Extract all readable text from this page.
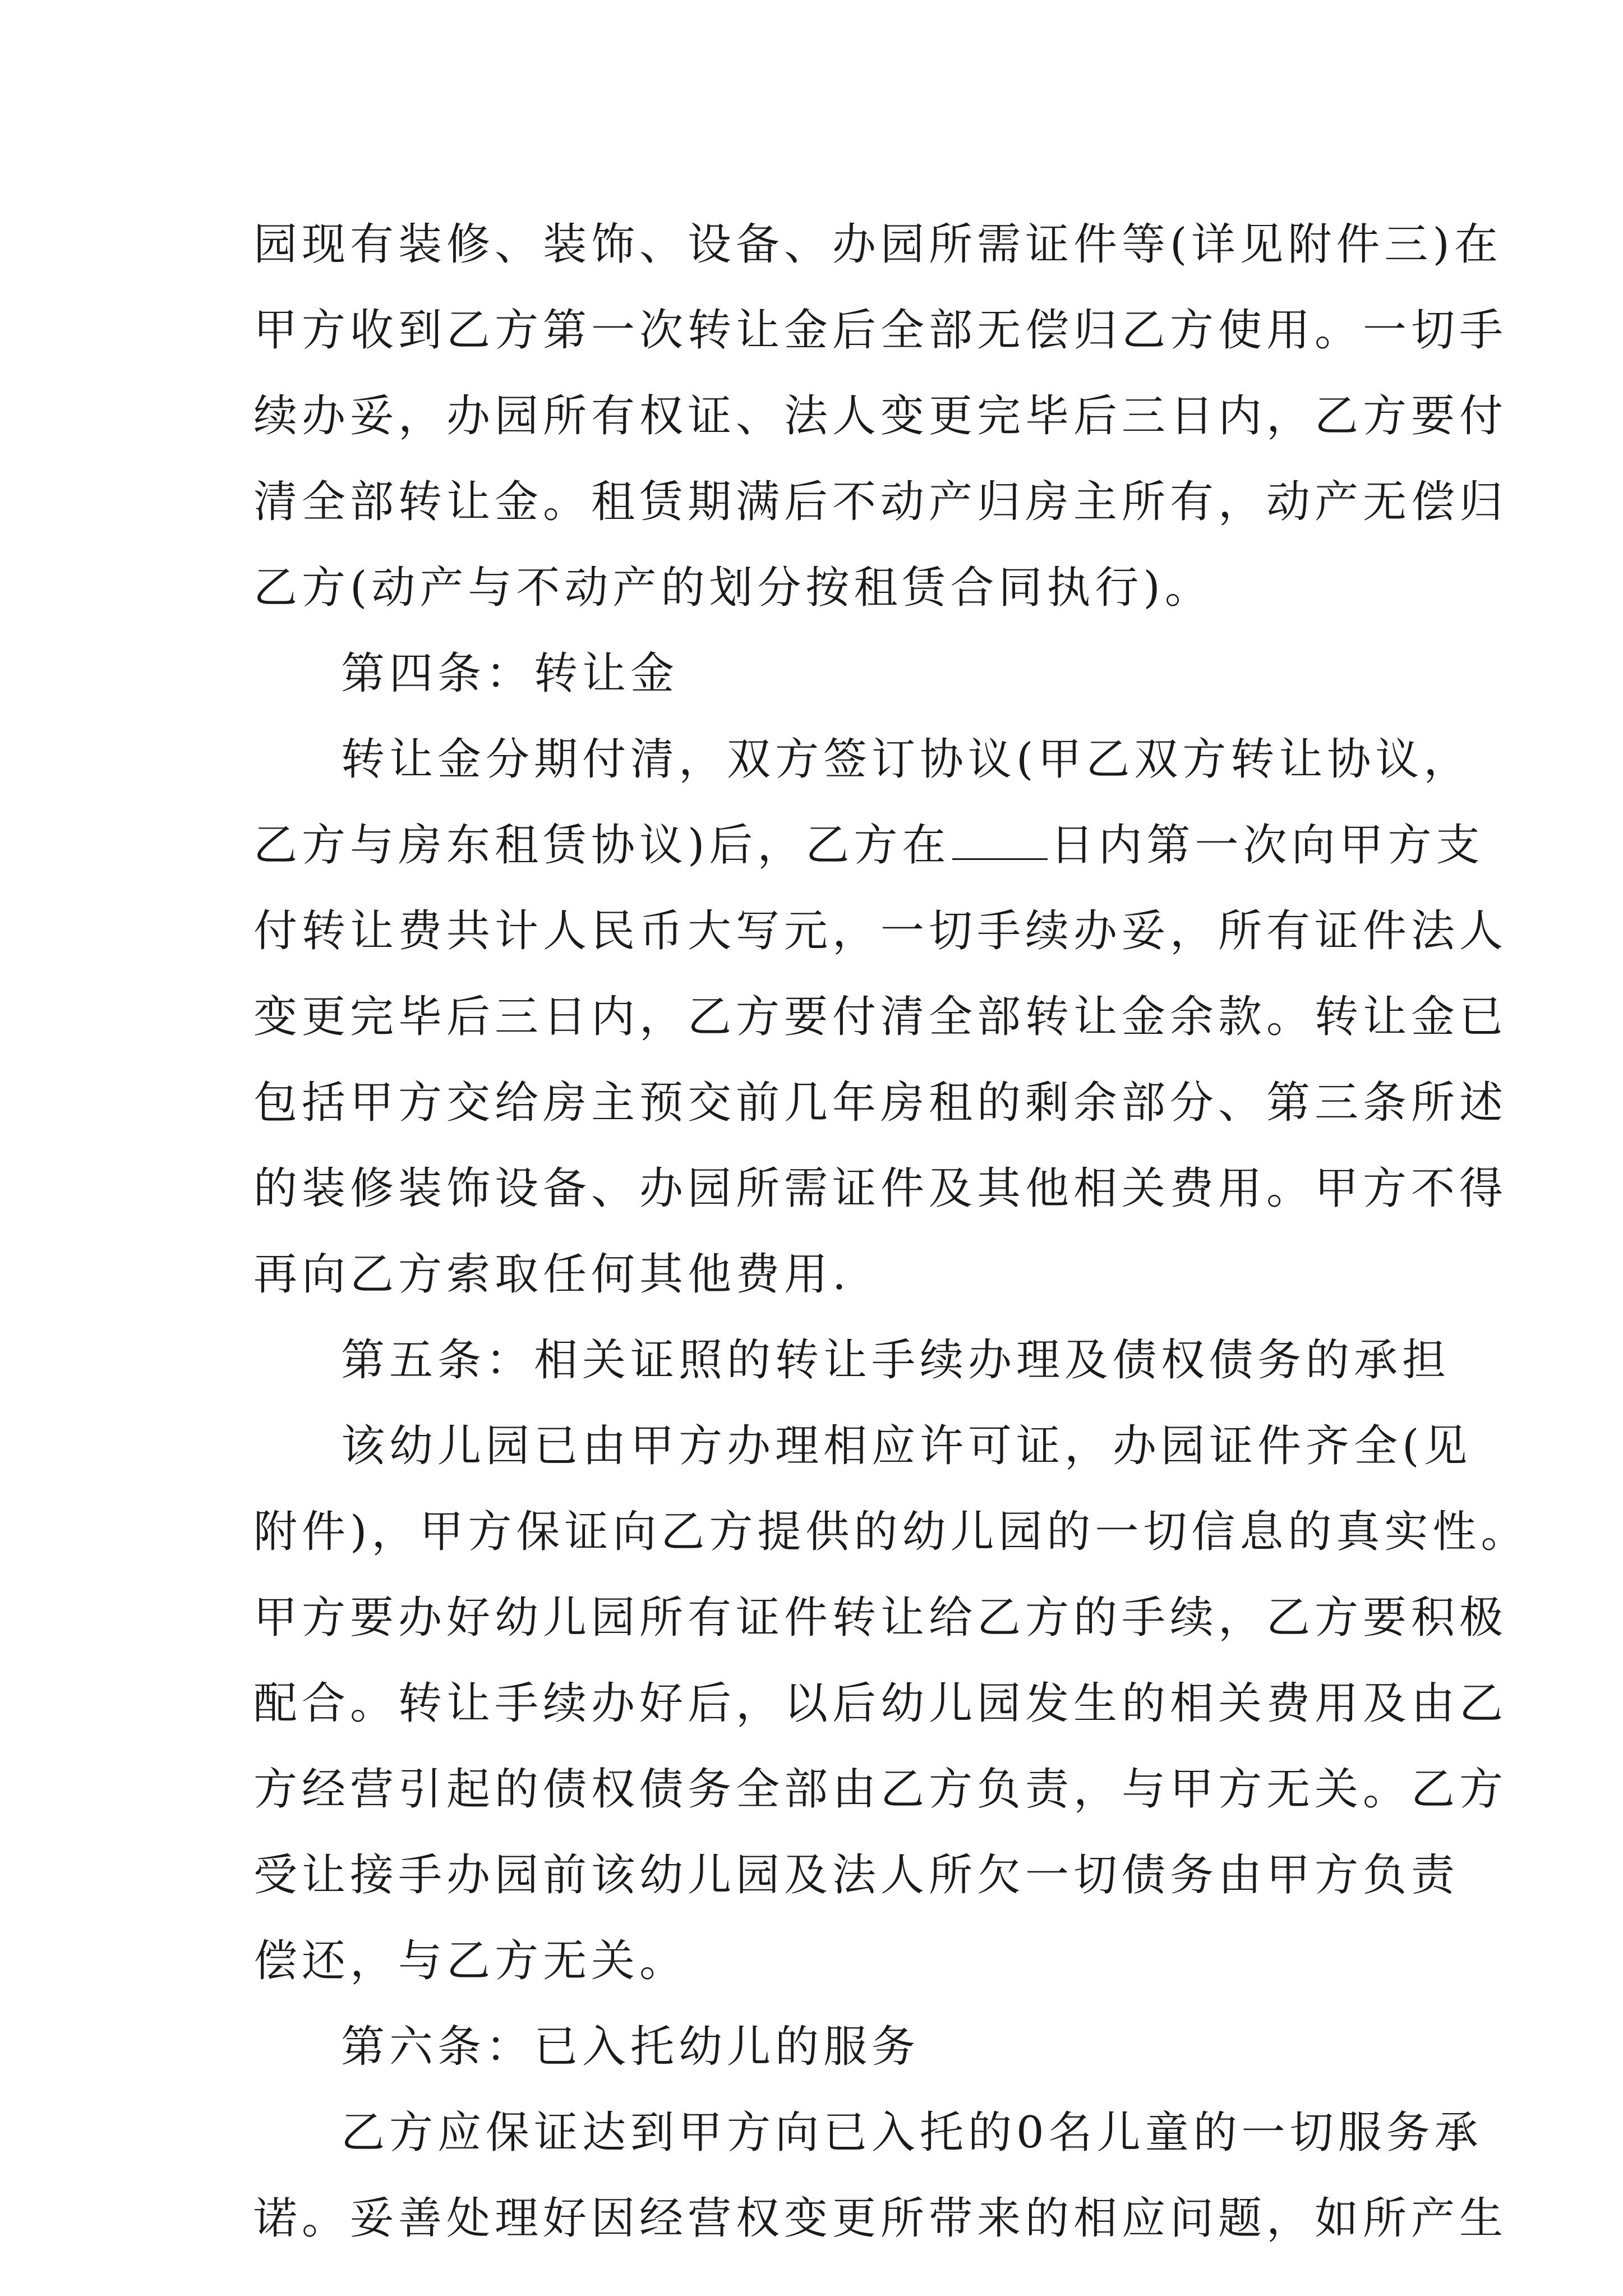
园现有装修、装饰、设备、办园所需证件等(详见附件三)在
甲方收到乙方第一次转让金后全部无偿归乙方使用。一切手
续办妥，办园所有权证、法人变更完毕后三日内，乙方要付
清全部转让金。租赁期满后不动产归房主所有，动产无偿归
乙方(动产与不动产的划分按租赁合同执行)。
第四条：转让金
转让金分期付清，双方签订协议(甲乙双方转让协议，
乙方与房东租赁协议)后，乙方在 日内第一次向甲方支
付转让费共计人民币大写元，一切手续办妥，所有证件法人
变更完毕后三日内，乙方要付清全部转让金余款。转让金已
包括甲方交给房主预交前几年房租的剩余部分、第三条所述
的装修装饰设备、办园所需证件及其他相关费用。甲方不得
再向乙方索取任何其他费用.
第五条：相关证照的转让手续办理及债权债务的承担
该幼儿园已由甲方办理相应许可证，办园证件齐全(见
附件)，甲方保证向乙方提供的幼儿园的一切信息的真实性。
甲方要办好幼儿园所有证件转让给乙方的手续，乙方要积极
配合。转让手续办好后，以后幼儿园发生的相关费用及由乙
方经营引起的债权债务全部由乙方负责，与甲方无关。乙方
受让接手办园前该幼儿园及法人所欠一切债务由甲方负责
偿还，与乙方无关。
第六条：已入托幼儿的服务
乙方应保证达到甲方向已入托的0名儿童的一切服务承
诺。妥善处理好因经营权变更所带来的相应问题，如所产生
